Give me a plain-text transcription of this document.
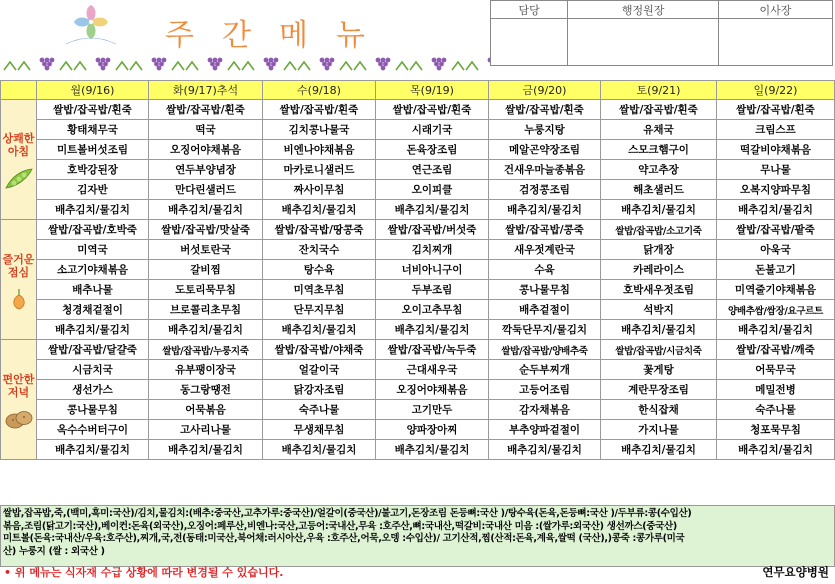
주간메뉴
담당	행정원장	이사장

	월(9/16)	화(9/17)추석	수(9/18)	목(9/19)	금(9/20)	토(9/21)	일(9/22)

상쾌한 아침	쌀밥/잡곡밥/흰죽	쌀밥/잡곡밥/흰죽	쌀밥/잡곡밥/흰죽	쌀밥/잡곡밥/흰죽	쌀밥/잡곡밥/흰죽	쌀밥/잡곡밥/흰죽	쌀밥/잡곡밥/흰죽
	황태채무국	떡국	김치콩나물국	시래기국	누룽지탕	유채국	크림스프
	미트볼버섯조림	오징어야채볶음	비엔나야채볶음	돈육장조림	메알곤약장조림	스모크햄구이	떡갈비야채볶음
	호박강된장	연두부양념장	마카로니샐러드	연근조림	건새우마늘종볶음	약고추장	무나물
	김자반	만다린샐러드	짜사이무침	오이피클	검정콩조림	해초샐러드	오복지양파무침
	배추김치/물김치	배추김치/물김치	배추김치/물김치	배추김치/물김치	배추김치/물김치	배추김치/물김치	배추김치/물김치

즐거운 점심	쌀밥/잡곡밥/호박죽	쌀밥/잡곡밥/맛살죽	쌀밥/잡곡밥/땅콩죽	쌀밥/잡곡밥/버섯죽	쌀밥/잡곡밥/콩죽	쌀밥/잡곡밥/소고기죽	쌀밥/잡곡밥/팥죽
	미역국	버섯토란국	잔치국수	김치찌개	새우젓계란국	닭개장	아욱국
	소고기야채볶음	갈비찜	탕수육	너비아니구이	수육	카레라이스	돈불고기
	배추나물	도토리묵무침	미역초무침	두부조림	콩나물무침	호박새우젓조림	미역줄기야채볶음
	청경채겉절이	브로콜리초무침	단무지무침	오이고추무침	배추겉절이	석박지	양배추쌈/쌈장/요구르트
	배추김치/물김치	배추김치/물김치	배추김치/물김치	배추김치/물김치	깍둑단무지/물김치	배추김치/물김치	배추김치/물김치

편안한 저녁	쌀밥/잡곡밥/달걀죽	쌀밥/잡곡밥/누룽지죽	쌀밥/잡곡밥/야채죽	쌀밥/잡곡밥/녹두죽	쌀밥/잡곡밥/양배추죽	쌀밥/잡곡밥/시금치죽	쌀밥/잡곡밥/깨죽
	시금치국	유부팽이장국	얼갈이국	근대새우국	순두부찌개	꽃게탕	어묵무국
	생선가스	동그랑땡전	닭강자조림	오징어야채볶음	고등어조림	계란무장조림	메밀전병
	콩나물무침	어묵볶음	숙주나물	고기만두	감자채볶음	한식잡채	숙주나물
	옥수수버터구이	고사리나물	무생채무침	양파장아찌	부추양파겉절이	가지나물	청포묵무침
	배추김치/물김치	배추김치/물김치	배추김치/물김치	배추김치/물김치	배추김치/물김치	배추김치/물김치	배추김치/물김치
쌀밥,잡곡밥,죽,(백미,흑미:국산)/김치,물김치:(배추:중국산,고추가루:중국산)/얼갈이(중국산)/불고기,돈장조림 돈등뼈:국산 )/탕수육(돈육,돈등뼈:국산 )/두부류:콩(수입산)
볶음,조림(닭고기:국산),베이컨:돈육(외국산),오징어:페루산,비엔나:국산,고등어:국내산,무육 :호주산,뼈:국내산,떡갈비:국내산 미음 :(쌀가루:외국산) 생선까스(중국산)
미트볼(돈육:국내산/우육:호주산),찌개,국,전(동태:미국산,북어채:러시아산,우육 :호주산,어묵,오뎅 :수입산)/ 고기산적,찜(산적:돈육,계육,쌀떡 (국산),)콩죽 :콩가루(미국
산) 누룽지 (쌀 : 외국산 )
• 위 메뉴는 식자재 수급 상황에 따라 변경될 수 있습니다.	연무요양병원
